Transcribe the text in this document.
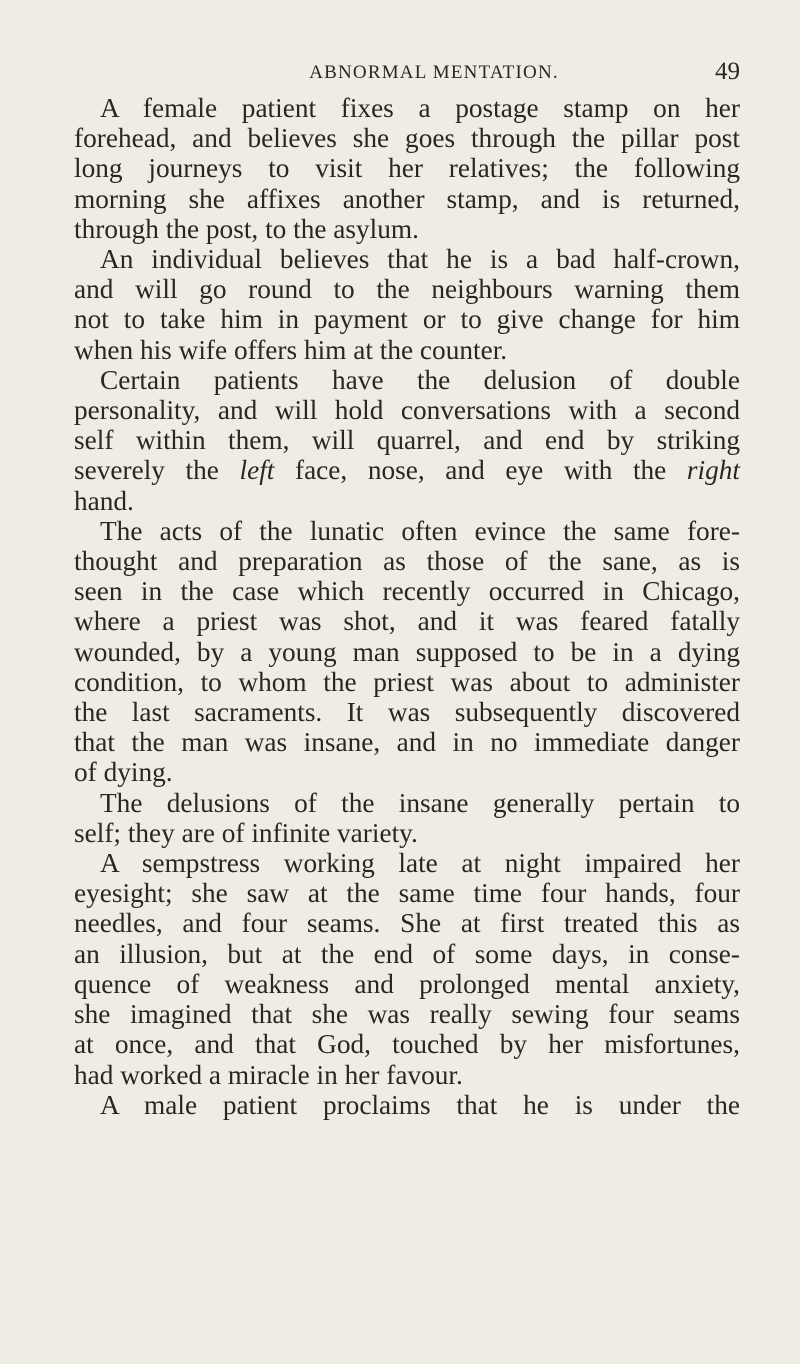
ABNORMAL MENTATION.	49
A female patient fixes a postage stamp on her
forehead, and believes she goes through the pillar post
long journeys to visit her relatives; the following
morning she affixes another stamp, and is returned,
through the post, to the asylum.
An individual believes that he is a bad half-crown,
and will go round to the neighbours warning them
not to take him in payment or to give change for him
when his wife offers him at the counter.
Certain patients have the delusion of double
personality, and will hold conversations with a second
self within them, will quarrel, and end by striking
severely the left face, nose, and eye with the right
hand.
The acts of the lunatic often evince the same fore-
thought and preparation as those of the sane, as is
seen in the case which recently occurred in Chicago,
where a priest was shot, and it was feared fatally
wounded, by a young man supposed to be in a dying
condition, to whom the priest was about to administer
the last sacraments. It was subsequently discovered
that the man was insane, and in no immediate danger
of dying.
The delusions of the insane generally pertain to
self; they are of infinite variety.
A sempstress working late at night impaired her
eyesight; she saw at the same time four hands, four
needles, and four seams. She at first treated this as
an illusion, but at the end of some days, in conse-
quence of weakness and prolonged mental anxiety,
she imagined that she was really sewing four seams
at once, and that God, touched by her misfortunes,
had worked a miracle in her favour.
A male patient proclaims that he is under the
